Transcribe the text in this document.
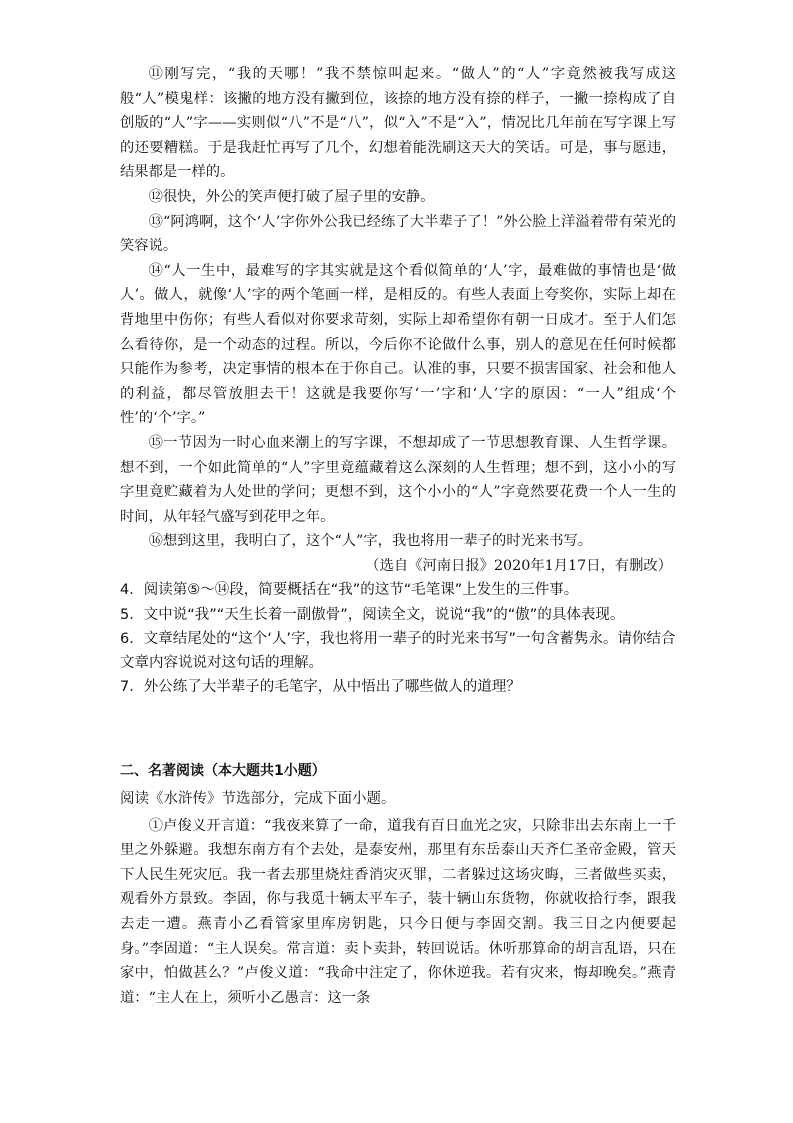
⑪刚写完，“我的天哪！”我不禁惊叫起来。“做人”的“人”字竟然被我写成这般“人”模鬼样：该撇的地方没有撇到位，该捺的地方没有捺的样子，一撇一捺构成了自创版的“人”字——实则似“八”不是“八”，似“入”不是“入”，情况比几年前在写字课上写的还要糟糕。于是我赶忙再写了几个，幻想着能洗刷这天大的笑话。可是，事与愿违，结果都是一样的。

⑫很快，外公的笑声便打破了屋子里的安静。

⑬“阿鸿啊，这个‘人’字你外公我已经练了大半辈子了！”外公脸上洋溢着带有荣光的笑容说。

⑭“人一生中，最难写的字其实就是这个看似简单的‘人’字，最难做的事情也是‘做人’。做人，就像‘人’字的两个笔画一样，是相反的。有些人表面上夸奖你，实际上却在背地里中伤你；有些人看似对你要求苛刻，实际上却希望你有朝一日成才。至于人们怎么看待你，是一个动态的过程。所以，今后你不论做什么事，别人的意见在任何时候都只能作为参考，决定事情的根本在于你自己。认准的事，只要不损害国家、社会和他人的利益，都尽管放胆去干！这就是我要你写‘一’字和‘人’字的原因：“一人”组成‘个性’的‘个’字。”

⑮一节因为一时心血来潮上的写字课，不想却成了一节思想教育课、人生哲学课。想不到，一个如此简单的“人”字里竟蕴藏着这么深刻的人生哲理；想不到，这小小的写字里竟贮藏着为人处世的学问；更想不到，这个小小的“人”字竟然要花费一个人一生的时间，从年轻气盛写到花甲之年。

⑯想到这里，我明白了，这个“人”字，我也将用一辈子的时光来书写。

（选自《河南日报》2020年1月17日，有删改）

4．阅读第⑤～⑭段，简要概括在“我”的这节“毛笔课”上发生的三件事。

5．文中说“我”“天生长着一副傲骨”，阅读全文，说说“我”的“傲”的具体表现。

6．文章结尾处的“这个‘人’字，我也将用一辈子的时光来书写”一句含蓄隽永。请你结合文章内容说说对这句话的理解。

7．外公练了大半辈子的毛笔字，从中悟出了哪些做人的道理？

二、名著阅读（本大题共1小题）

阅读《水浒传》节选部分，完成下面小题。

①卢俊义开言道：“我夜来算了一命，道我有百日血光之灾，只除非出去东南上一千里之外躲避。我想东南方有个去处，是泰安州，那里有东岳泰山天齐仁圣帝金殿，管天下人民生死灾厄。我一者去那里烧炷香消灾灭罪，二者躲过这场灾晦，三者做些买卖，观看外方景致。李固，你与我觅十辆太平车子，装十辆山东货物，你就收拾行李，跟我去走一遭。燕青小乙看管家里库房钥匙，只今日便与李固交割。我三日之内便要起身。”李固道：“主人误矣。常言道：卖卜卖卦，转回说话。休听那算命的胡言乱语，只在家中，怕做甚么？”卢俊义道：“我命中注定了，你休逆我。若有灾来，悔却晚矣。”燕青道：“主人在上，须听小乙愚言：这一条
